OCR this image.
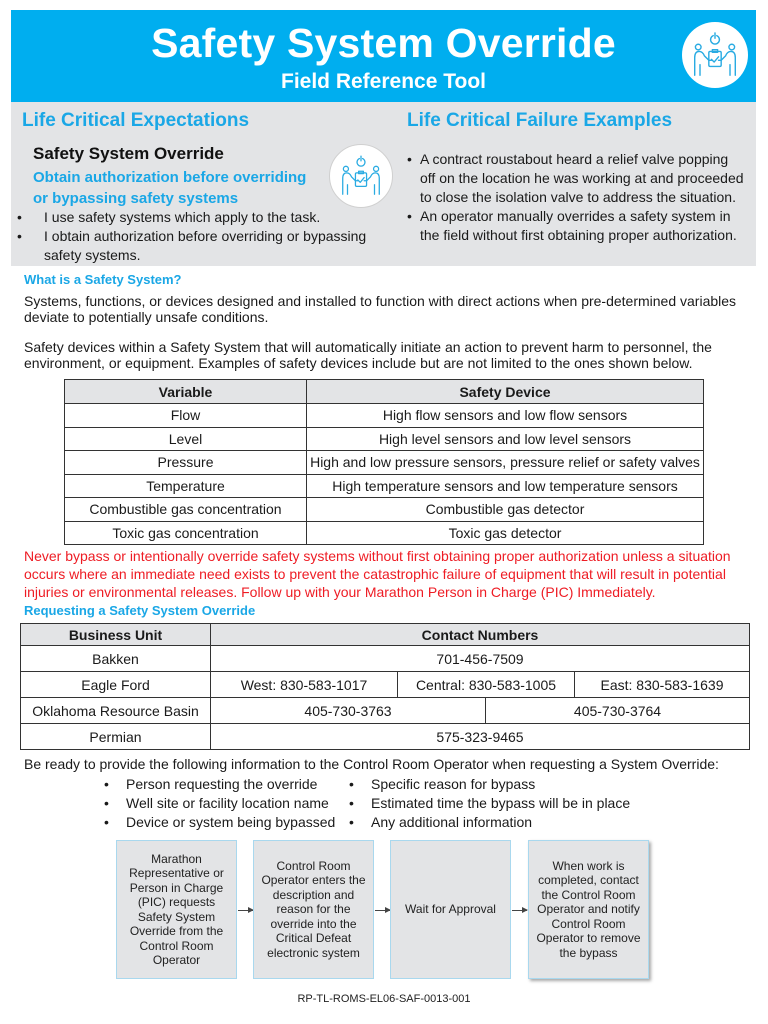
Safety System Override
Field Reference Tool
Life Critical Expectations	Life Critical Failure Examples
Safety System Override
Obtain authorization before overriding
or bypassing safety systems
• I use safety systems which apply to the task.
• I obtain authorization before overriding or bypassing safety systems.
• A contract roustabout heard a relief valve popping off on the location he was working at and proceeded to close the isolation valve to address the situation.
• An operator manually overrides a safety system in the field without first obtaining proper authorization.
What is a Safety System?
Systems, functions, or devices designed and installed to function with direct actions when pre-determined variables deviate to potentially unsafe conditions.
Safety devices within a Safety System that will automatically initiate an action to prevent harm to personnel, the environment, or equipment. Examples of safety devices include but are not limited to the ones shown below.
Variable	Safety Device
Flow	High flow sensors and low flow sensors
Level	High level sensors and low level sensors
Pressure	High and low pressure sensors, pressure relief or safety valves
Temperature	High temperature sensors and low temperature sensors
Combustible gas concentration	Combustible gas detector
Toxic gas concentration	Toxic gas detector
Never bypass or intentionally override safety systems without first obtaining proper authorization unless a situation occurs where an immediate need exists to prevent the catastrophic failure of equipment that will result in potential injuries or environmental releases. Follow up with your Marathon Person in Charge (PIC) Immediately.
Requesting a Safety System Override
Business Unit	Contact Numbers			
Bakken	701-456-7509			
Eagle Ford	West: 830-583-1017	Central: 830-583-1005		East: 830-583-1639
Oklahoma Resource Basin	405-730-3763		405-730-3764	
Permian	575-323-9465			
Be ready to provide the following information to the Control Room Operator when requesting a System Override:
• Person requesting the override
• Well site or facility location name
• Device or system being bypassed
• Specific reason for bypass
• Estimated time the bypass will be in place
• Any additional information
Marathon Representative or Person in Charge (PIC) requests Safety System Override from the Control Room Operator
Control Room Operator enters the description and reason for the override into the Critical Defeat electronic system
Wait for Approval
When work is completed, contact the Control Room Operator and notify Control Room Operator to remove the bypass
RP-TL-ROMS-EL06-SAF-0013-001
